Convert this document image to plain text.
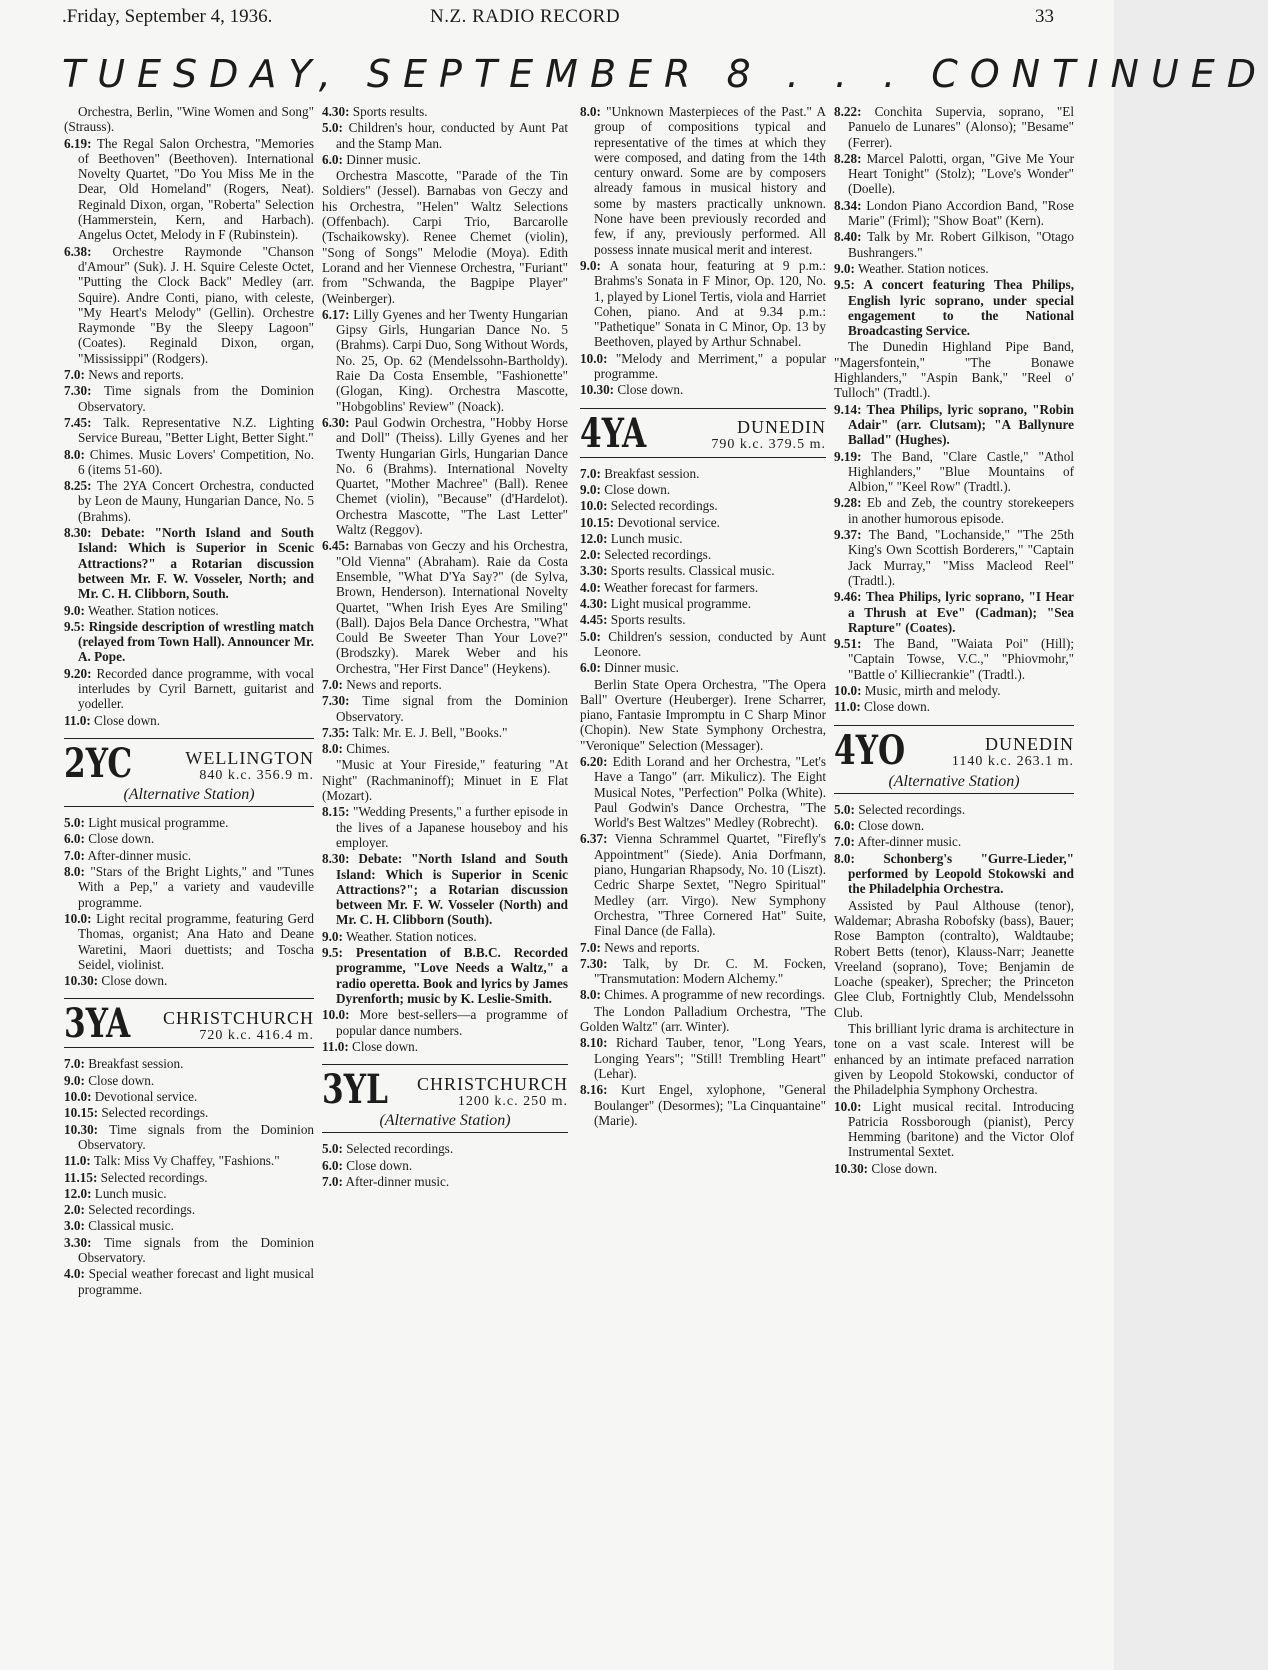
.Friday, September 4, 1936.	N.Z. RADIO RECORD	33
TUESDAY, SEPTEMBER 8 . . . CONTINUED

Orchestra, Berlin, "Wine Women and Song" (Strauss).

6.19: The Regal Salon Orchestra, "Memories of Beethoven" (Beethoven). International Novelty Quartet, "Do You Miss Me in the Dear, Old Homeland" (Rogers, Neat). Reginald Dixon, organ, "Roberta" Selection (Hammerstein, Kern, and Harbach). Angelus Octet, Melody in F (Rubinstein).

6.38: Orchestre Raymonde "Chanson d'Amour" (Suk). J. H. Squire Celeste Octet, "Putting the Clock Back" Medley (arr. Squire). Andre Conti, piano, with celeste, "My Heart's Melody" (Gellin). Orchestre Raymonde "By the Sleepy Lagoon" (Coates). Reginald Dixon, organ, "Mississippi" (Rodgers).

7.0: News and reports.

7.30: Time signals from the Dominion Observatory.

7.45: Talk. Representative N.Z. Lighting Service Bureau, "Better Light, Better Sight."

8.0: Chimes. Music Lovers' Competition, No. 6 (items 51-60).

8.25: The 2YA Concert Orchestra, conducted by Leon de Mauny, Hungarian Dance, No. 5 (Brahms).

8.30: Debate: "North Island and South Island: Which is Superior in Scenic Attractions?" a Rotarian discussion between Mr. F. W. Vosseler, North; and Mr. C. H. Clibborn, South.

9.0: Weather. Station notices.

9.5: Ringside description of wrestling match (relayed from Town Hall). Announcer Mr. A. Pope.

9.20: Recorded dance programme, with vocal interludes by Cyril Barnett, guitarist and yodeller.

11.0: Close down.

2YC	WELLINGTON
840 k.c. 356.9 m.
(Alternative Station)

5.0: Light musical programme.

6.0: Close down.

7.0: After-dinner music.

8.0: "Stars of the Bright Lights," and "Tunes With a Pep," a variety and vaudeville programme.

10.0: Light recital programme, featuring Gerd Thomas, organist; Ana Hato and Deane Waretini, Maori duettists; and Toscha Seidel, violinist.

10.30: Close down.

3YA	CHRISTCHURCH
720 k.c. 416.4 m.

7.0: Breakfast session.

9.0: Close down.

10.0: Devotional service.

10.15: Selected recordings.

10.30: Time signals from the Dominion Observatory.

11.0: Talk: Miss Vy Chaffey, "Fashions."

11.15: Selected recordings.

12.0: Lunch music.

2.0: Selected recordings.

3.0: Classical music.

3.30: Time signals from the Dominion Observatory.

4.0: Special weather forecast and light musical programme.

4.30: Sports results.

5.0: Children's hour, conducted by Aunt Pat and the Stamp Man.

6.0: Dinner music.

Orchestra Mascotte, "Parade of the Tin Soldiers" (Jessel). Barnabas von Geczy and his Orchestra, "Helen" Waltz Selections (Offenbach). Carpi Trio, Barcarolle (Tschaikowsky). Renee Chemet (violin), "Song of Songs" Melodie (Moya). Edith Lorand and her Viennese Orchestra, "Furiant" from "Schwanda, the Bagpipe Player" (Weinberger).

6.17: Lilly Gyenes and her Twenty Hungarian Gipsy Girls, Hungarian Dance No. 5 (Brahms). Carpi Duo, Song Without Words, No. 25, Op. 62 (Mendelssohn-Bartholdy). Raie Da Costa Ensemble, "Fashionette" (Glogan, King). Orchestra Mascotte, "Hobgoblins' Review" (Noack).

6.30: Paul Godwin Orchestra, "Hobby Horse and Doll" (Theiss). Lilly Gyenes and her Twenty Hungarian Girls, Hungarian Dance No. 6 (Brahms). International Novelty Quartet, "Mother Machree" (Ball). Renee Chemet (violin), "Because" (d'Hardelot). Orchestra Mascotte, "The Last Letter" Waltz (Reggov).

6.45: Barnabas von Geczy and his Orchestra, "Old Vienna" (Abraham). Raie da Costa Ensemble, "What D'Ya Say?" (de Sylva, Brown, Henderson). International Novelty Quartet, "When Irish Eyes Are Smiling" (Ball). Dajos Bela Dance Orchestra, "What Could Be Sweeter Than Your Love?" (Brodszky). Marek Weber and his Orchestra, "Her First Dance" (Heykens).

7.0: News and reports.

7.30: Time signal from the Dominion Observatory.

7.35: Talk: Mr. E. J. Bell, "Books."

8.0: Chimes.

"Music at Your Fireside," featuring "At Night" (Rachmaninoff); Minuet in E Flat (Mozart).

8.15: "Wedding Presents," a further episode in the lives of a Japanese houseboy and his employer.

8.30: Debate: "North Island and South Island: Which is Superior in Scenic Attractions?"; a Rotarian discussion between Mr. F. W. Vosseler (North) and Mr. C. H. Clibborn (South).

9.0: Weather. Station notices.

9.5: Presentation of B.B.C. Recorded programme, "Love Needs a Waltz," a radio operetta. Book and lyrics by James Dyrenforth; music by K. Leslie-Smith.

10.0: More best-sellers—a programme of popular dance numbers.

11.0: Close down.

3YL	CHRISTCHURCH
1200 k.c. 250 m.
(Alternative Station)

5.0: Selected recordings.

6.0: Close down.

7.0: After-dinner music.

8.0: "Unknown Masterpieces of the Past." A group of compositions typical and representative of the times at which they were composed, and dating from the 14th century onward. Some are by composers already famous in musical history and some by masters practically unknown. None have been previously recorded and few, if any, previously performed. All possess innate musical merit and interest.

9.0: A sonata hour, featuring at 9 p.m.: Brahms's Sonata in F Minor, Op. 120, No. 1, played by Lionel Tertis, viola and Harriet Cohen, piano. And at 9.34 p.m.: "Pathetique" Sonata in C Minor, Op. 13 by Beethoven, played by Arthur Schnabel.

10.0: "Melody and Merriment," a popular programme.

10.30: Close down.

4YA	DUNEDIN
790 k.c. 379.5 m.

7.0: Breakfast session.

9.0: Close down.

10.0: Selected recordings.

10.15: Devotional service.

12.0: Lunch music.

2.0: Selected recordings.

3.30: Sports results. Classical music.

4.0: Weather forecast for farmers.

4.30: Light musical programme.

4.45: Sports results.

5.0: Children's session, conducted by Aunt Leonore.

6.0: Dinner music.

Berlin State Opera Orchestra, "The Opera Ball" Overture (Heuberger). Irene Scharrer, piano, Fantasie Impromptu in C Sharp Minor (Chopin). New State Symphony Orchestra, "Veronique" Selection (Messager).

6.20: Edith Lorand and her Orchestra, "Let's Have a Tango" (arr. Mikulicz). The Eight Musical Notes, "Perfection" Polka (White). Paul Godwin's Dance Orchestra, "The World's Best Waltzes" Medley (Robrecht).

6.37: Vienna Schrammel Quartet, "Firefly's Appointment" (Siede). Ania Dorfmann, piano, Hungarian Rhapsody, No. 10 (Liszt). Cedric Sharpe Sextet, "Negro Spiritual" Medley (arr. Virgo). New Symphony Orchestra, "Three Cornered Hat" Suite, Final Dance (de Falla).

7.0: News and reports.

7.30: Talk, by Dr. C. M. Focken, "Transmutation: Modern Alchemy."

8.0: Chimes. A programme of new recordings.

The London Palladium Orchestra, "The Golden Waltz" (arr. Winter).

8.10: Richard Tauber, tenor, "Long Years, Longing Years"; "Still! Trembling Heart" (Lehar).

8.16: Kurt Engel, xylophone, "General Boulanger" (Desormes); "La Cinquantaine" (Marie).

8.22: Conchita Supervia, soprano, "El Panuelo de Lunares" (Alonso); "Besame" (Ferrer).

8.28: Marcel Palotti, organ, "Give Me Your Heart Tonight" (Stolz); "Love's Wonder" (Doelle).

8.34: London Piano Accordion Band, "Rose Marie" (Friml); "Show Boat" (Kern).

8.40: Talk by Mr. Robert Gilkison, "Otago Bushrangers."

9.0: Weather. Station notices.

9.5: A concert featuring Thea Philips, English lyric soprano, under special engagement to the National Broadcasting Service.

The Dunedin Highland Pipe Band, "Magersfontein," "The Bonawe Highlanders," "Aspin Bank," "Reel o' Tulloch" (Tradtl.).

9.14: Thea Philips, lyric soprano, "Robin Adair" (arr. Clutsam); "A Ballynure Ballad" (Hughes).

9.19: The Band, "Clare Castle," "Athol Highlanders," "Blue Mountains of Albion," "Keel Row" (Tradtl.).

9.28: Eb and Zeb, the country storekeepers in another humorous episode.

9.37: The Band, "Lochanside," "The 25th King's Own Scottish Borderers," "Captain Jack Murray," "Miss Macleod Reel" (Tradtl.).

9.46: Thea Philips, lyric soprano, "I Hear a Thrush at Eve" (Cadman); "Sea Rapture" (Coates).

9.51: The Band, "Waiata Poi" (Hill); "Captain Towse, V.C.," "Phiovmohr," "Battle o' Killiecrankie" (Tradtl.).

10.0: Music, mirth and melody.

11.0: Close down.

4YO	DUNEDIN
1140 k.c. 263.1 m.
(Alternative Station)

5.0: Selected recordings.

6.0: Close down.

7.0: After-dinner music.

8.0: Schonberg's "Gurre-Lieder," performed by Leopold Stokowski and the Philadelphia Orchestra.

Assisted by Paul Althouse (tenor), Waldemar; Abrasha Robofsky (bass), Bauer; Rose Bampton (contralto), Waldtaube; Robert Betts (tenor), Klauss-Narr; Jeanette Vreeland (soprano), Tove; Benjamin de Loache (speaker), Sprecher; the Princeton Glee Club, Fortnightly Club, Mendelssohn Club.

This brilliant lyric drama is architecture in tone on a vast scale. Interest will be enhanced by an intimate prefaced narration given by Leopold Stokowski, conductor of the Philadelphia Symphony Orchestra.

10.0: Light musical recital. Introducing Patricia Rossborough (pianist), Percy Hemming (baritone) and the Victor Olof Instrumental Sextet.

10.30: Close down.
